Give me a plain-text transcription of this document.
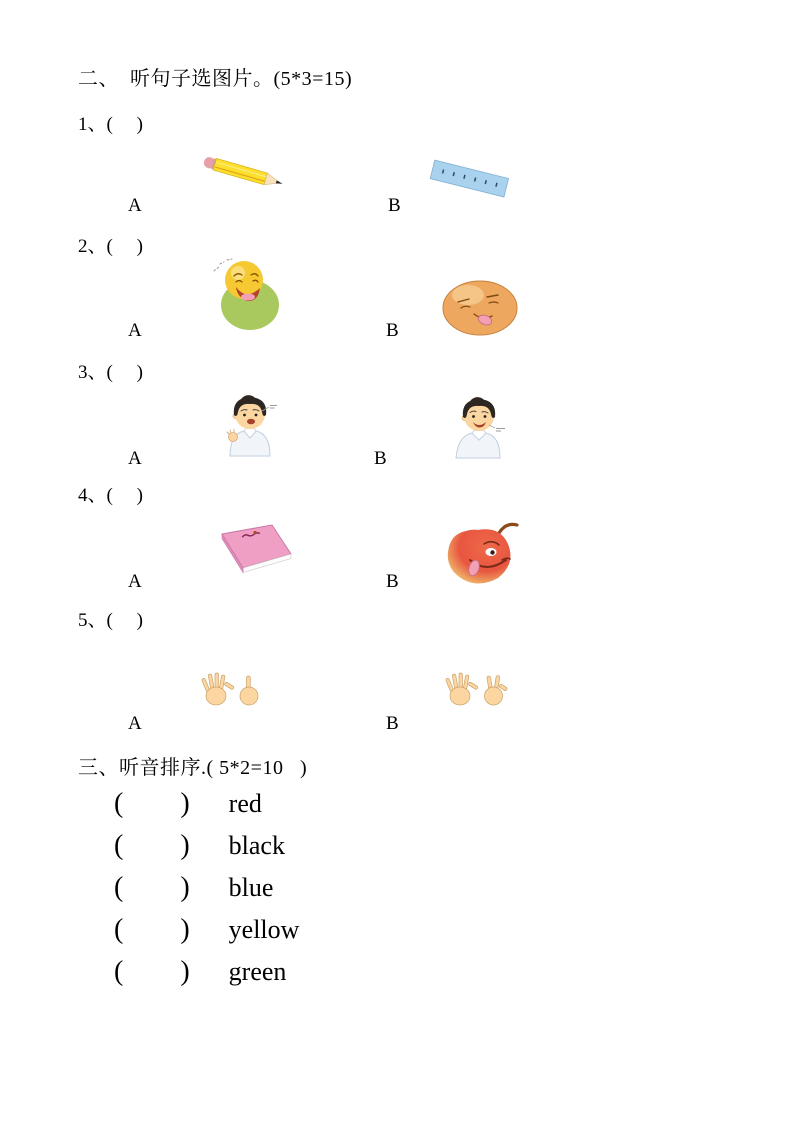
二、  听句子选图片。(5*3=15)
1、(     )
A	B
2、(     )
A	B
3、(     )
A	B
4、(     )
A	B
5、(     )
A	B
三、听音排序.( 5*2=10   )
(       ) red
(       ) black
(       ) blue
(       ) yellow
(       ) green
